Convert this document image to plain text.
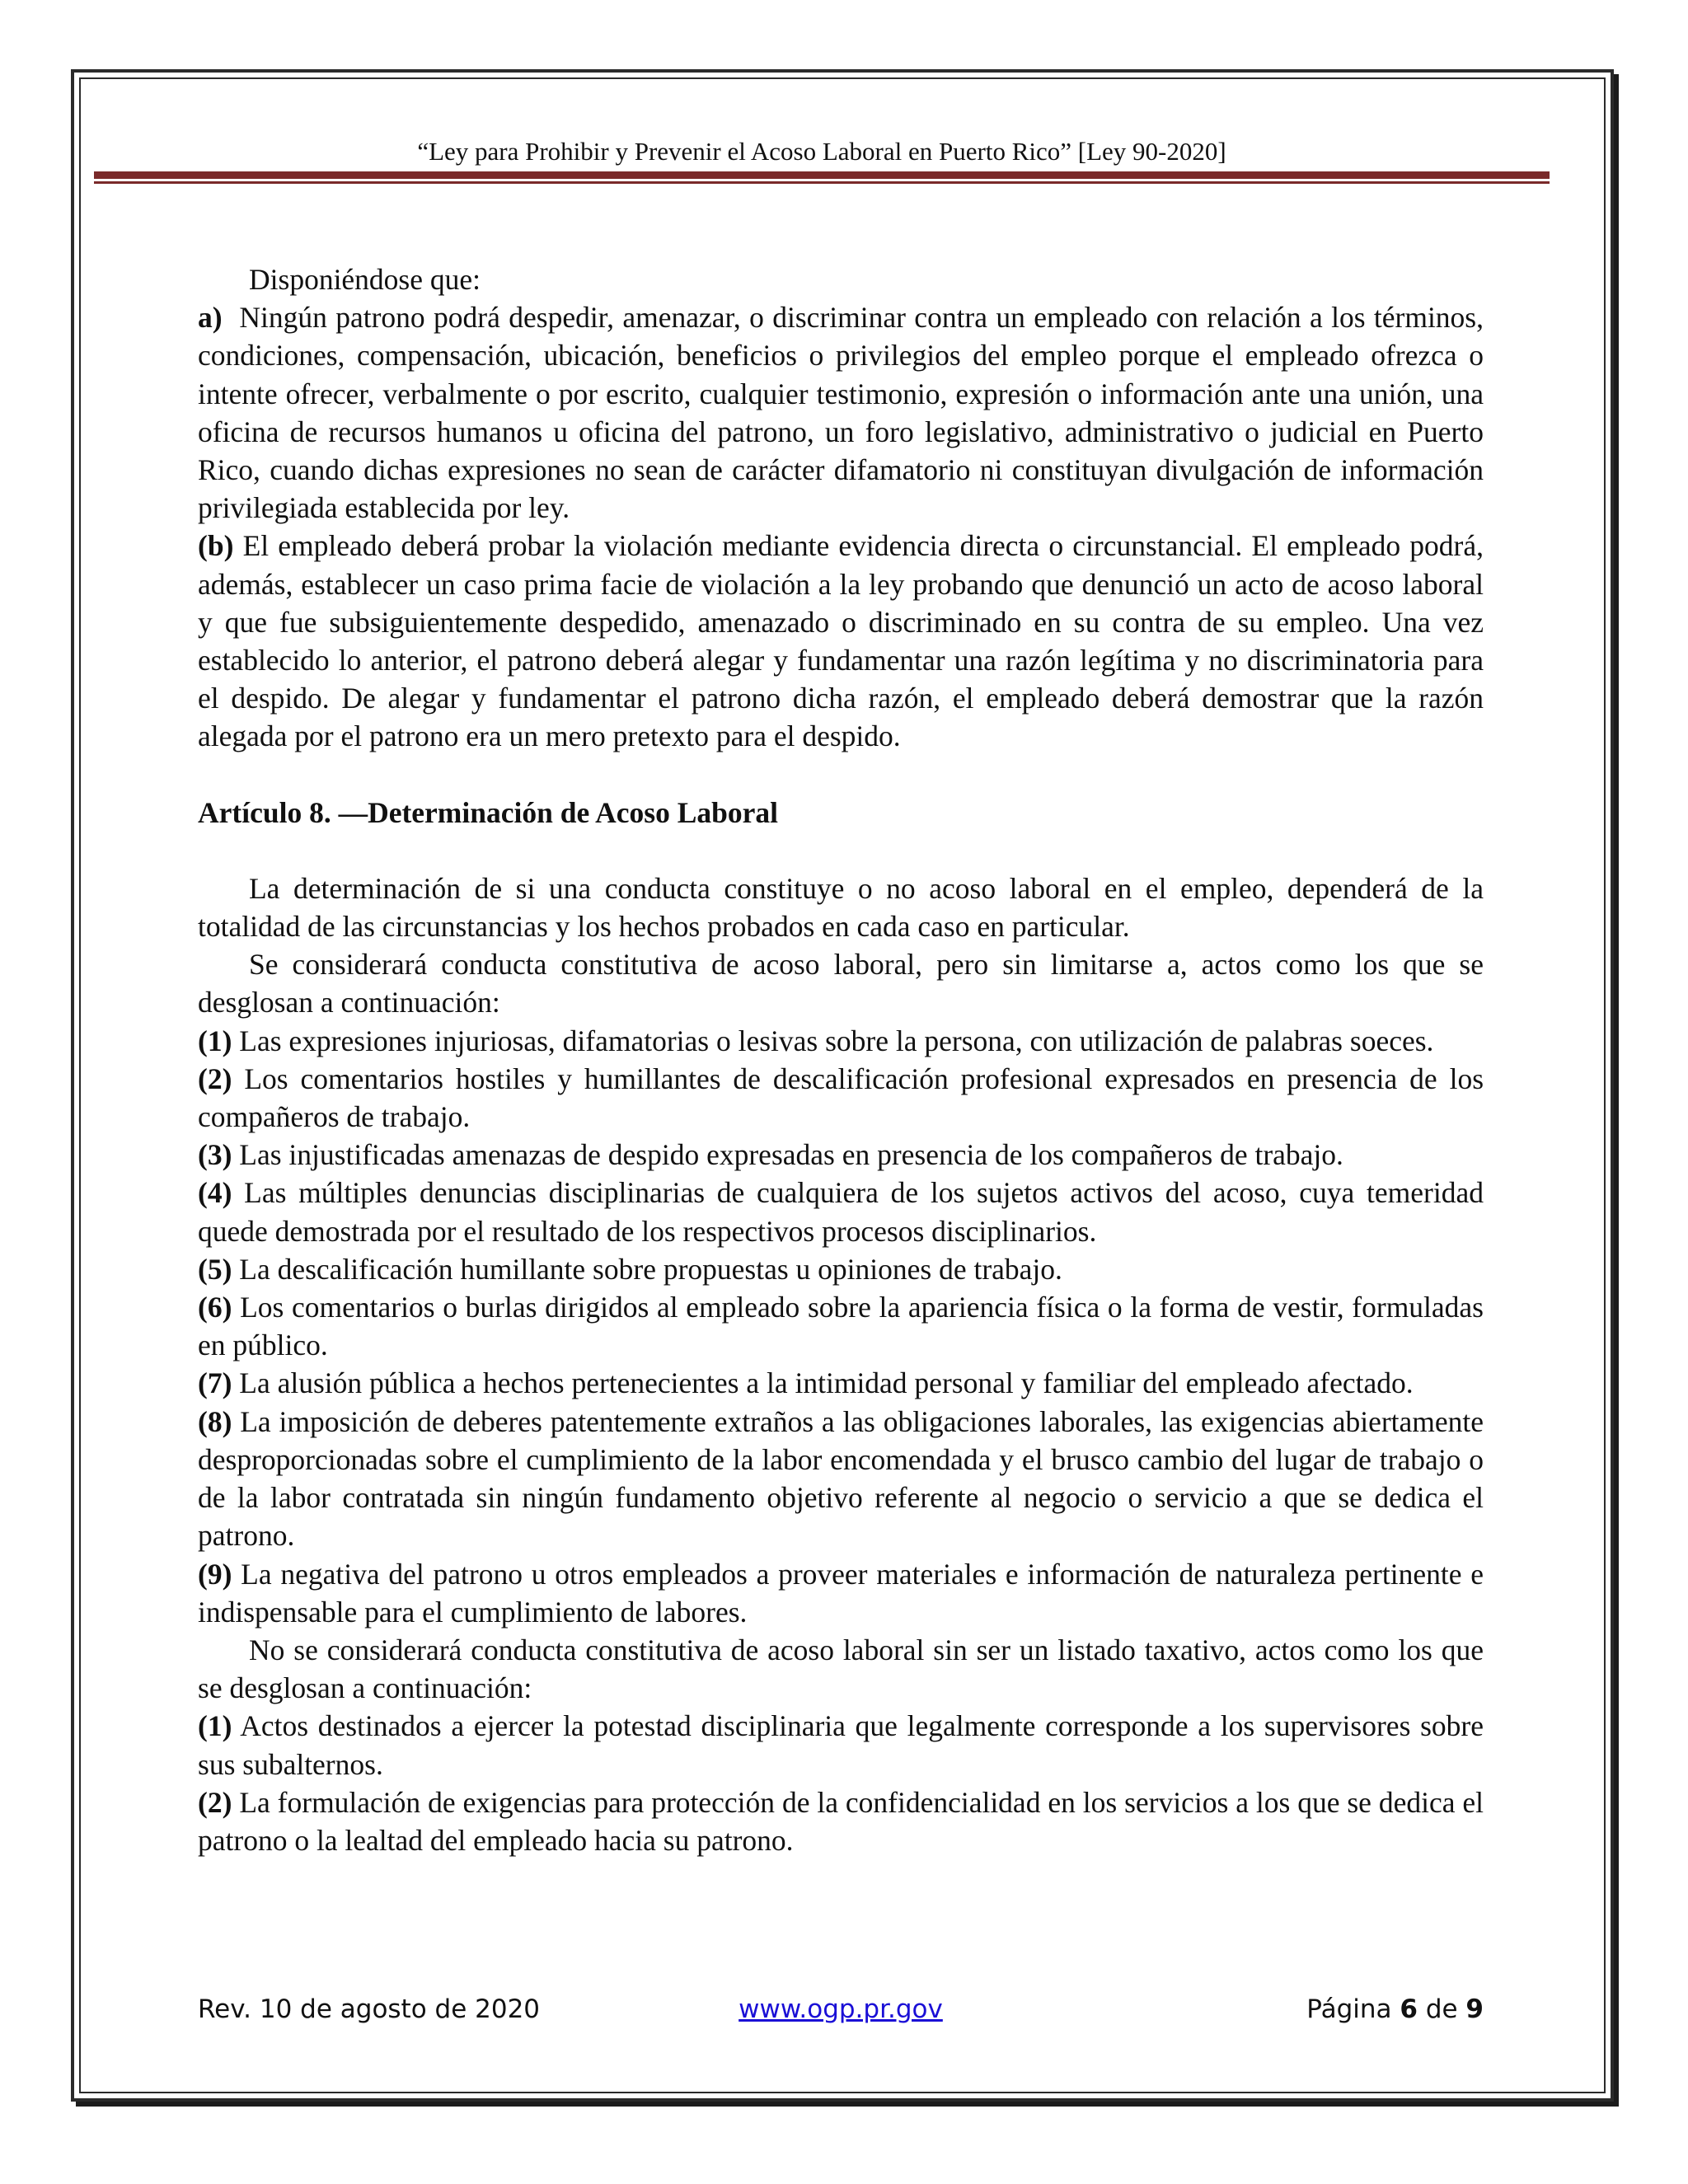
“Ley para Prohibir y Prevenir el Acoso Laboral en Puerto Rico” [Ley 90-2020]

Disponiéndose que:

a) Ningún patrono podrá despedir, amenazar, o discriminar contra un empleado con relación a los términos, condiciones, compensación, ubicación, beneficios o privilegios del empleo porque el empleado ofrezca o intente ofrecer, verbalmente o por escrito, cualquier testimonio, expresión o información ante una unión, una oficina de recursos humanos u oficina del patrono, un foro legislativo, administrativo o judicial en Puerto Rico, cuando dichas expresiones no sean de carácter difamatorio ni constituyan divulgación de información privilegiada establecida por ley.

(b) El empleado deberá probar la violación mediante evidencia directa o circunstancial. El empleado podrá, además, establecer un caso prima facie de violación a la ley probando que denunció un acto de acoso laboral y que fue subsiguientemente despedido, amenazado o discriminado en su contra de su empleo. Una vez establecido lo anterior, el patrono deberá alegar y fundamentar una razón legítima y no discriminatoria para el despido. De alegar y fundamentar el patrono dicha razón, el empleado deberá demostrar que la razón alegada por el patrono era un mero pretexto para el despido.

Artículo 8. —Determinación de Acoso Laboral

La determinación de si una conducta constituye o no acoso laboral en el empleo, dependerá de la totalidad de las circunstancias y los hechos probados en cada caso en particular.

Se considerará conducta constitutiva de acoso laboral, pero sin limitarse a, actos como los que se desglosan a continuación:

(1) Las expresiones injuriosas, difamatorias o lesivas sobre la persona, con utilización de palabras soeces.

(2) Los comentarios hostiles y humillantes de descalificación profesional expresados en presencia de los compañeros de trabajo.

(3) Las injustificadas amenazas de despido expresadas en presencia de los compañeros de trabajo.

(4) Las múltiples denuncias disciplinarias de cualquiera de los sujetos activos del acoso, cuya temeridad quede demostrada por el resultado de los respectivos procesos disciplinarios.

(5) La descalificación humillante sobre propuestas u opiniones de trabajo.

(6) Los comentarios o burlas dirigidos al empleado sobre la apariencia física o la forma de vestir, formuladas en público.

(7) La alusión pública a hechos pertenecientes a la intimidad personal y familiar del empleado afectado.

(8) La imposición de deberes patentemente extraños a las obligaciones laborales, las exigencias abiertamente desproporcionadas sobre el cumplimiento de la labor encomendada y el brusco cambio del lugar de trabajo o de la labor contratada sin ningún fundamento objetivo referente al negocio o servicio a que se dedica el patrono.

(9) La negativa del patrono u otros empleados a proveer materiales e información de naturaleza pertinente e indispensable para el cumplimiento de labores.

No se considerará conducta constitutiva de acoso laboral sin ser un listado taxativo, actos como los que se desglosan a continuación:

(1) Actos destinados a ejercer la potestad disciplinaria que legalmente corresponde a los supervisores sobre sus subalternos.

(2) La formulación de exigencias para protección de la confidencialidad en los servicios a los que se dedica el patrono o la lealtad del empleado hacia su patrono.

Rev. 10 de agosto de 2020	www.ogp.pr.gov	Página 6 de 9
